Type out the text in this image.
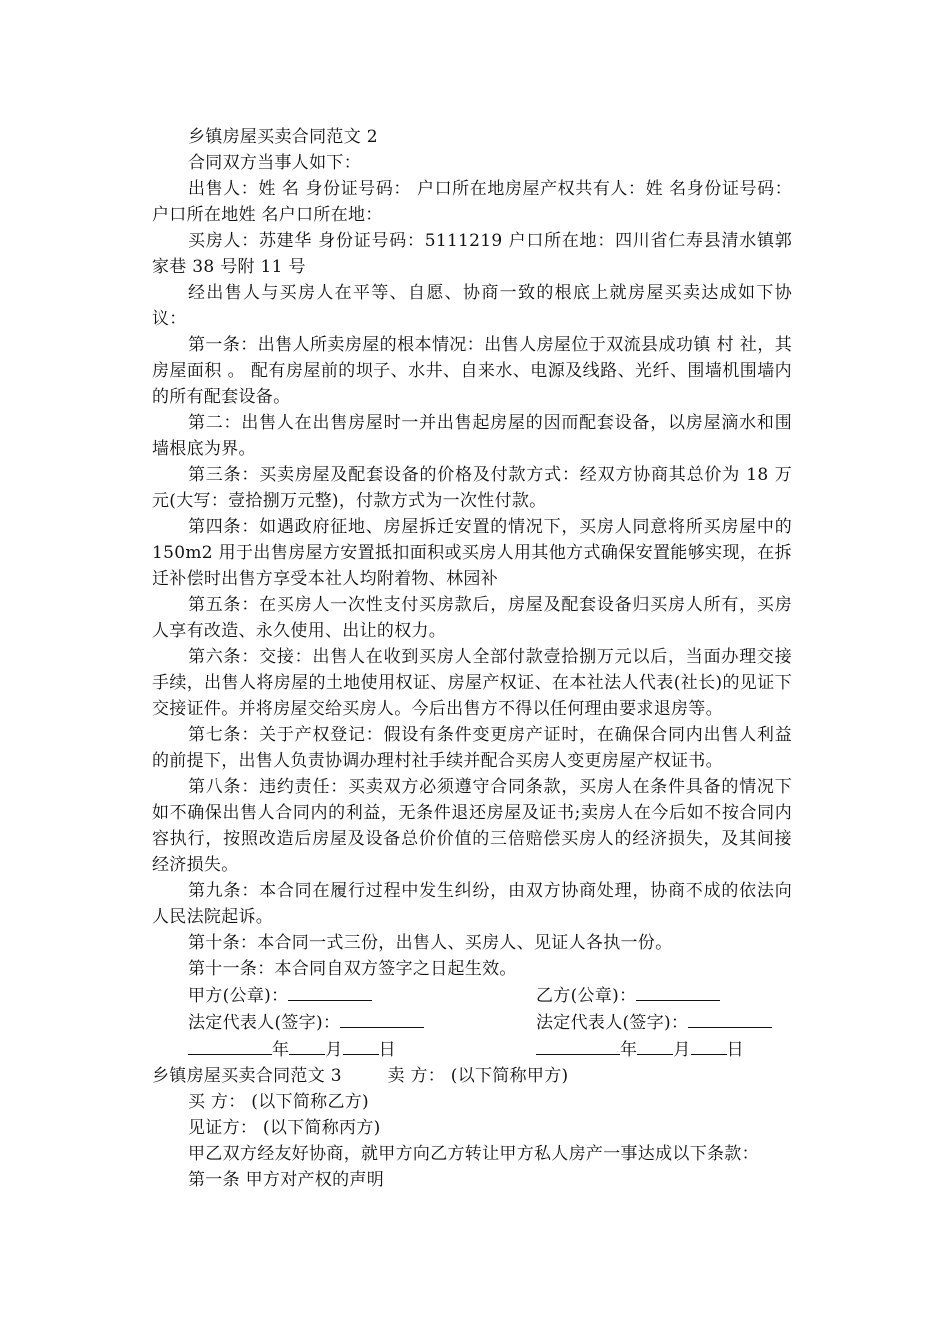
乡镇房屋买卖合同范文 2

合同双方当事人如下：

出售人：姓 名 身份证号码： 户口所在地房屋产权共有人：姓 名身份证号码： 户口所在地姓 名户口所在地：

买房人：苏建华 身份证号码：5111219 户口所在地：四川省仁寿县清水镇郭家巷 38 号附 11 号

经出售人与买房人在平等、自愿、协商一致的根底上就房屋买卖达成如下协议：

第一条：出售人所卖房屋的根本情况：出售人房屋位于双流县成功镇 村 社，其房屋面积 。 配有房屋前的坝子、水井、自来水、电源及线路、光纤、围墙机围墙内的所有配套设备。

第二：出售人在出售房屋时一并出售起房屋的因而配套设备，以房屋滴水和围墙根底为界。

第三条：买卖房屋及配套设备的价格及付款方式：经双方协商其总价为 18 万元(大写：壹拾捌万元整)，付款方式为一次性付款。

第四条：如遇政府征地、房屋拆迁安置的情况下，买房人同意将所买房屋中的 150m2 用于出售房屋方安置抵扣面积或买房人用其他方式确保安置能够实现，在拆迁补偿时出售方享受本社人均附着物、林园补

第五条：在买房人一次性支付买房款后，房屋及配套设备归买房人所有，买房人享有改造、永久使用、出让的权力。

第六条：交接：出售人在收到买房人全部付款壹拾捌万元以后，当面办理交接手续，出售人将房屋的土地使用权证、房屋产权证、在本社法人代表(社长)的见证下交接证件。并将房屋交给买房人。今后出售方不得以任何理由要求退房等。

第七条：关于产权登记：假设有条件变更房产证时，在确保合同内出售人利益的前提下，出售人负责协调办理村社手续并配合买房人变更房屋产权证书。

第八条：违约责任：买卖双方必须遵守合同条款，买房人在条件具备的情况下如不确保出售人合同内的利益，无条件退还房屋及证书;卖房人在今后如不按合同内容执行，按照改造后房屋及设备总价价值的三倍赔偿买房人的经济损失，及其间接经济损失。

第九条：本合同在履行过程中发生纠纷，由双方协商处理，协商不成的依法向人民法院起诉。

第十条：本合同一式三份，出售人、买房人、见证人各执一份。

第十一条：本合同自双方签字之日起生效。

甲方(公章)：	乙方(公章)：
法定代表人(签字)：	法定代表人(签字)：
年 月 日	年 月 日

乡镇房屋买卖合同范文 3	卖 方： (以下简称甲方)

买 方： (以下简称乙方)

见证方： (以下简称丙方)

甲乙双方经友好协商，就甲方向乙方转让甲方私人房产一事达成以下条款：

第一条 甲方对产权的声明
